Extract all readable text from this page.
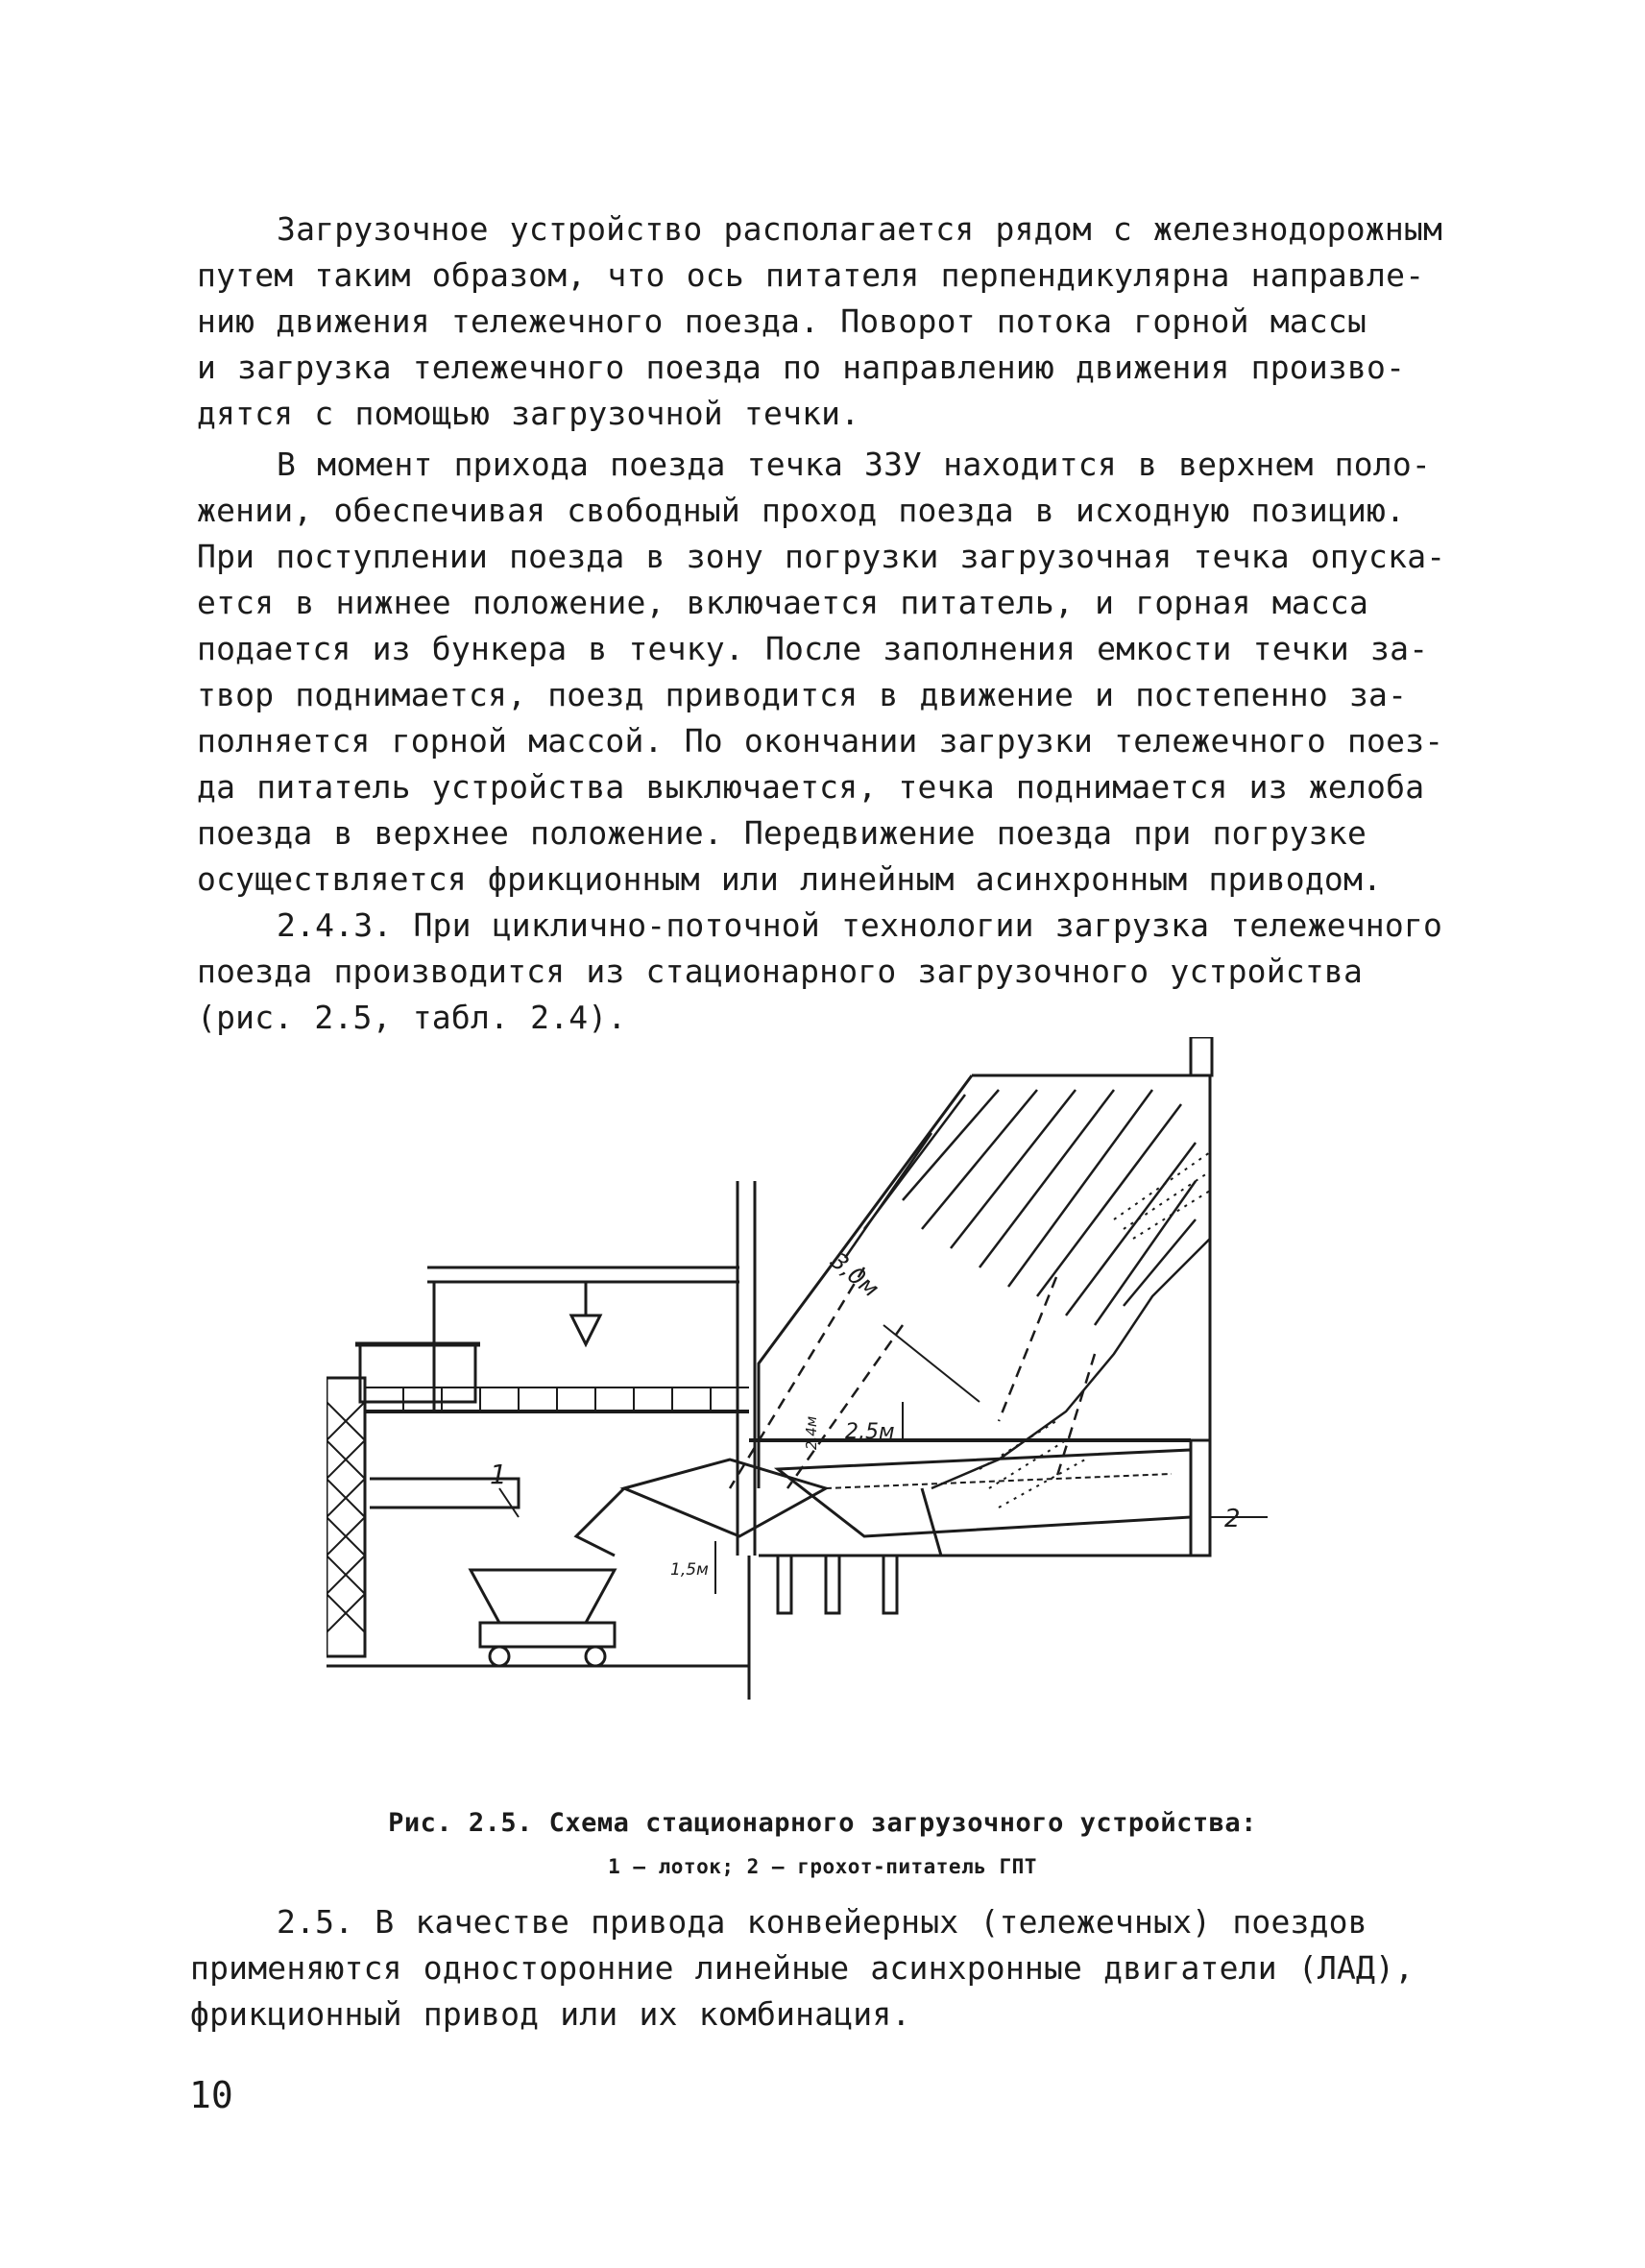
Загрузочное устройство располагается рядом с железнодорожным
путем таким образом, что ось питателя перпендикулярна направле-
нию движения тележечного поезда. Поворот потока горной массы
и загрузка тележечного поезда по направлению движения произво-
дятся с помощью загрузочной течки.
В момент прихода поезда течка ЗЗУ находится в верхнем поло-
жении, обеспечивая свободный проход поезда в исходную позицию.
При поступлении поезда в зону погрузки загрузочная течка опуска-
ется в нижнее положение, включается питатель, и горная масса
подается из бункера в течку. После заполнения емкости течки за-
твор поднимается, поезд приводится в движение и постепенно за-
полняется горной массой. По окончании загрузки тележечного поез-
да питатель устройства выключается, течка поднимается из желоба
поезда в верхнее положение. Передвижение поезда при погрузке
осуществляется фрикционным или линейным асинхронным приводом.
2.4.3. При циклично-поточной технологии загрузка тележечного
поезда производится из стационарного загрузочного устройства
(рис. 2.5, табл. 2.4).
3,0м
2,5м
2,4м
1,5м
1
2
Рис. 2.5. Схема стационарного загрузочного устройства:
1 – лоток; 2 – грохот-питатель ГПТ
2.5. В качестве привода конвейерных (тележечных) поездов
применяются односторонние линейные асинхронные двигатели (ЛАД),
фрикционный привод или их комбинация.
10
